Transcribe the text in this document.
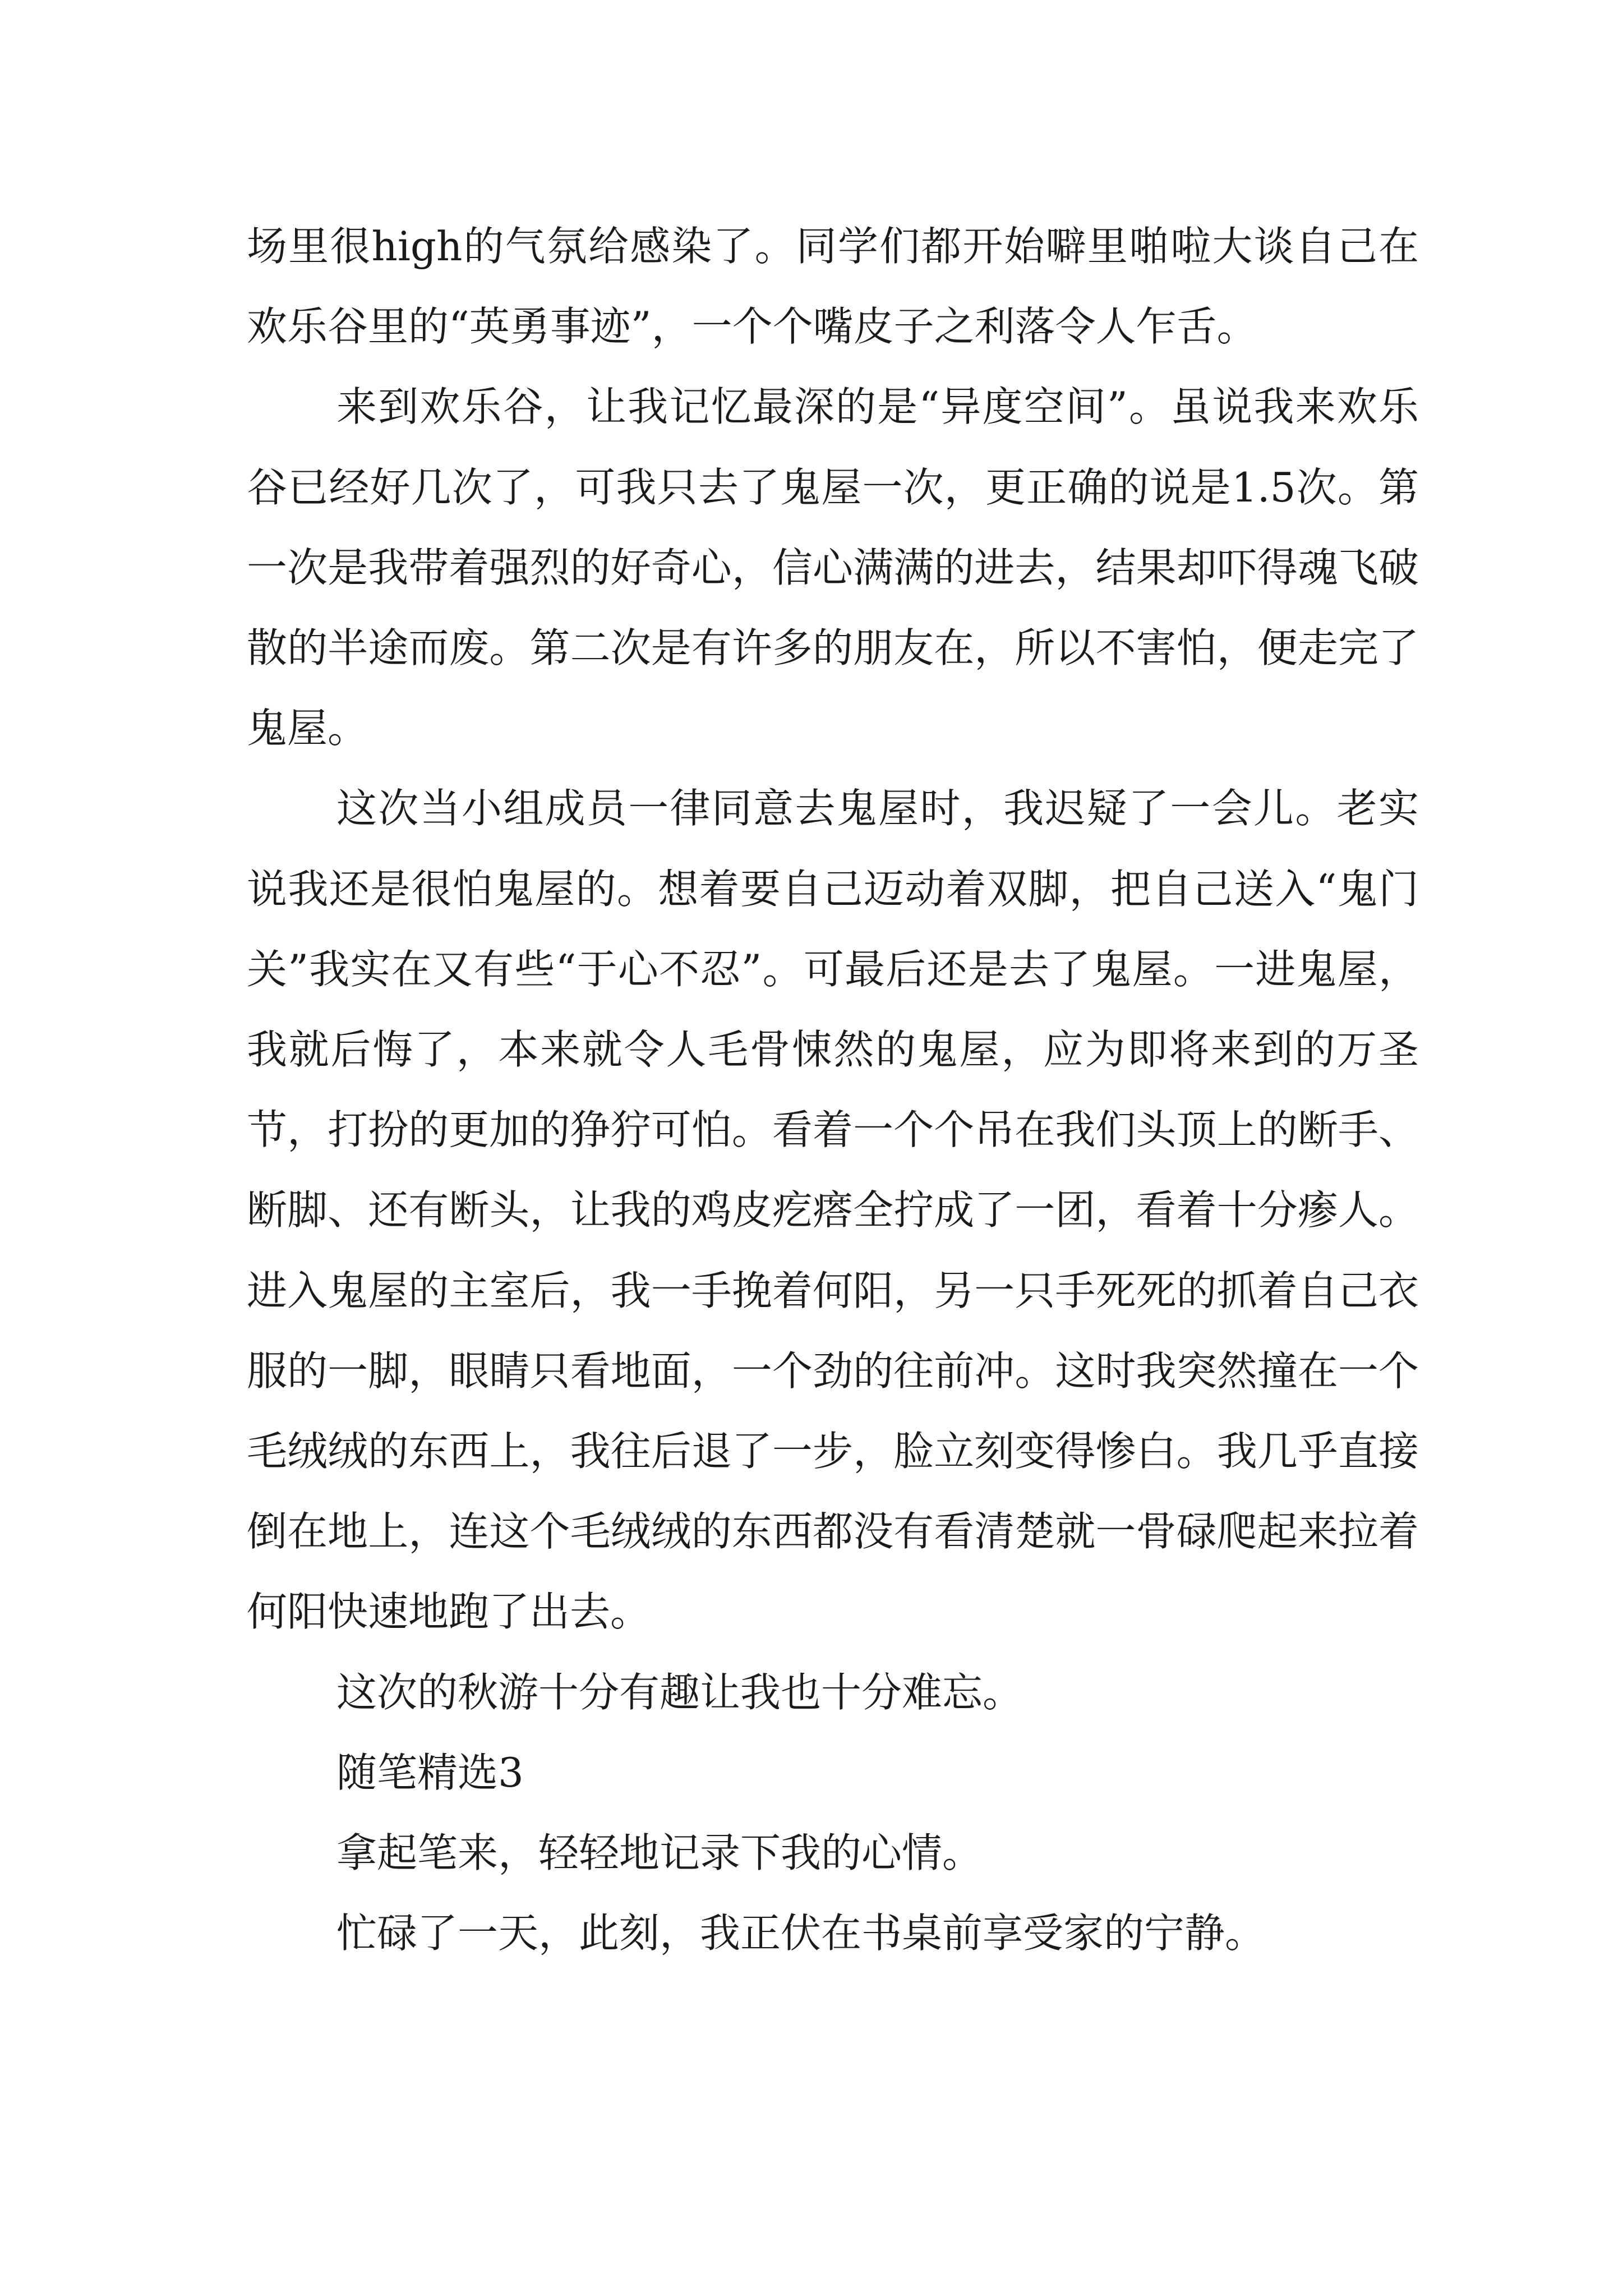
场里很high的气氛给感染了。同学们都开始噼里啪啦大谈自己在欢乐谷里的“英勇事迹”，一个个嘴皮子之利落令人乍舌。

来到欢乐谷，让我记忆最深的是“异度空间”。虽说我来欢乐谷已经好几次了，可我只去了鬼屋一次，更正确的说是1.5次。第一次是我带着强烈的好奇心，信心满满的进去，结果却吓得魂飞破散的半途而废。第二次是有许多的朋友在，所以不害怕，便走完了鬼屋。

这次当小组成员一律同意去鬼屋时，我迟疑了一会儿。老实说我还是很怕鬼屋的。想着要自己迈动着双脚，把自己送入“鬼门关”我实在又有些“于心不忍”。可最后还是去了鬼屋。一进鬼屋，我就后悔了，本来就令人毛骨悚然的鬼屋，应为即将来到的万圣节，打扮的更加的狰狞可怕。看着一个个吊在我们头顶上的断手、断脚、还有断头，让我的鸡皮疙瘩全拧成了一团，看着十分瘆人。进入鬼屋的主室后，我一手挽着何阳，另一只手死死的抓着自己衣服的一脚，眼睛只看地面，一个劲的往前冲。这时我突然撞在一个毛绒绒的东西上，我往后退了一步，脸立刻变得惨白。我几乎直接倒在地上，连这个毛绒绒的东西都没有看清楚就一骨碌爬起来拉着何阳快速地跑了出去。

这次的秋游十分有趣让我也十分难忘。

随笔精选3

拿起笔来，轻轻地记录下我的心情。

忙碌了一天，此刻，我正伏在书桌前享受家的宁静。
